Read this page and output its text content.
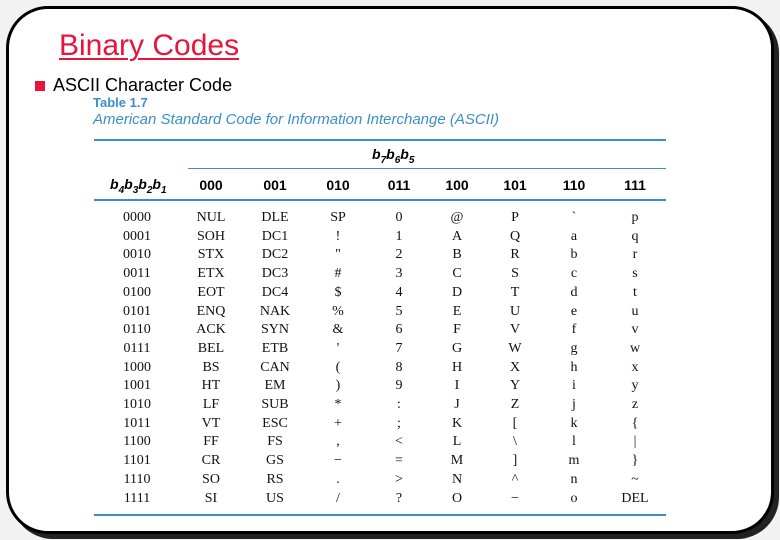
Binary Codes
ASCII Character Code
Table 1.7
American Standard Code for Information Interchange (ASCII)
$b_7b_6b_5$
$b_4b_3b_2b_1$	000	001	010	011	100	101	110	111
0000	NUL	DLE	SP	0	@	P	`	p
0001	SOH	DC1	!	1	A	Q	a	q
0010	STX	DC2	"	2	B	R	b	r
0011	ETX	DC3	#	3	C	S	c	s
0100	EOT	DC4	$	4	D	T	d	t
0101	ENQ	NAK	%	5	E	U	e	u
0110	ACK	SYN	&	6	F	V	f	v
0111	BEL	ETB	'	7	G	W	g	w
1000	BS	CAN	(	8	H	X	h	x
1001	HT	EM	)	9	I	Y	i	y
1010	LF	SUB	*	:	J	Z	j	z
1011	VT	ESC	+	;	K	[	k	{
1100	FF	FS	,	<	L	\	l	|
1101	CR	GS	−	=	M	]	m	}
1110	SO	RS	.	>	N	^	n	~
1111	SI	US	/	?	O	−	o	DEL
